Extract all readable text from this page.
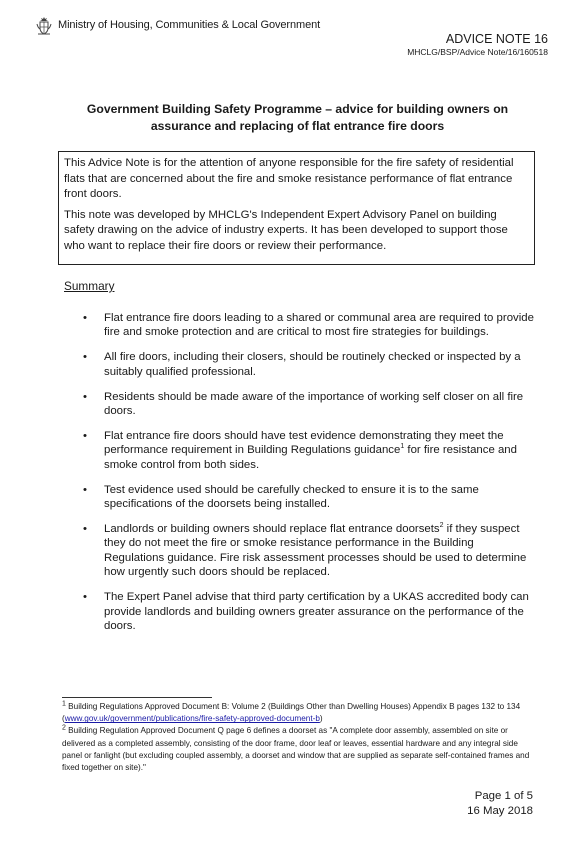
Ministry of Housing, Communities & Local Government
ADVICE NOTE 16
MHCLG/BSP/Advice Note/16/160518
Government Building Safety Programme – advice for building owners on
assurance and replacing of flat entrance fire doors

This Advice Note is for the attention of anyone responsible for the fire safety of residential flats that are concerned about the fire and smoke resistance performance of flat entrance front doors.

This note was developed by MHCLG's Independent Expert Advisory Panel on building safety drawing on the advice of industry experts. It has been developed to support those who want to replace their fire doors or review their performance.

Summary
• Flat entrance fire doors leading to a shared or communal area are required to provide fire and smoke protection and are critical to most fire strategies for buildings.
• All fire doors, including their closers, should be routinely checked or inspected by a suitably qualified professional.
• Residents should be made aware of the importance of working self closer on all fire doors.
• Flat entrance fire doors should have test evidence demonstrating they meet the performance requirement in Building Regulations guidance$^1$ for fire resistance and smoke control from both sides.
• Test evidence used should be carefully checked to ensure it is to the same specifications of the doorsets being installed.
• Landlords or building owners should replace flat entrance doorsets$^2$ if they suspect they do not meet the fire or smoke resistance performance in the Building Regulations guidance. Fire risk assessment processes should be used to determine how urgently such doors should be replaced.
• The Expert Panel advise that third party certification by a UKAS accredited body can provide landlords and building owners greater assurance on the performance of the doors.

$^1$ Building Regulations Approved Document B: Volume 2 (Buildings Other than Dwelling Houses) Appendix B pages 132 to 134 (www.gov.uk/government/publications/fire-safety-approved-document-b)

$^2$ Building Regulation Approved Document Q page 6 defines a doorset as "A complete door assembly, assembled on site or delivered as a completed assembly, consisting of the door frame, door leaf or leaves, essential hardware and any integral side panel or fanlight (but excluding coupled assembly, a doorset and window that are supplied as separate self-contained frames and fixed together on site)."

Page 1 of 5
16 May 2018
